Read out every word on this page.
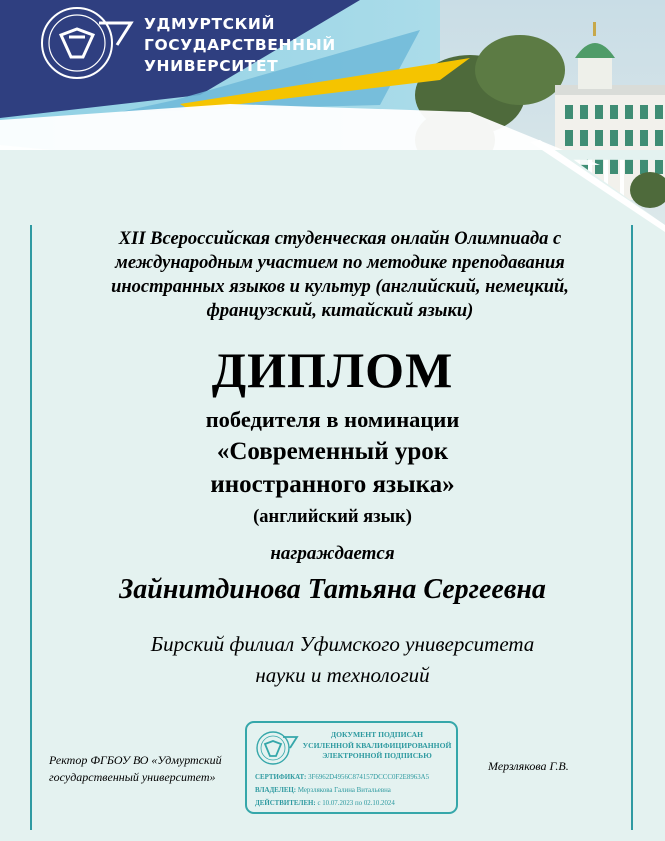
УДМУРТСКИЙ
ГОСУДАРСТВЕННЫЙ
УНИВЕРСИТЕТ
XII Всероссийская студенческая онлайн Олимпиада с
международным участием по методике преподавания
иностранных языков и культур (английский, немецкий,
французский, китайский языки)
ДИПЛОМ
победителя в номинации
«Современный урок
иностранного языка»
(английский язык)
награждается
Зайнитдинова Татьяна Сергеевна
Бирский филиал Уфимского университета
науки и технологий
Ректор ФГБОУ ВО «Удмуртский
государственный университет»
ДОКУМЕНТ ПОДПИСАН
УСИЛЕННОЙ КВАЛИФИЦИРОВАННОЙ
ЭЛЕКТРОННОЙ ПОДПИСЬЮ
СЕРТИФИКАТ: 3F6962D4956C874157DCCC0F2E8963A5
ВЛАДЕЛЕЦ: Мерзлякова Галина Витальевна
ДЕЙСТВИТЕЛЕН: с 10.07.2023 по 02.10.2024
Мерзлякова Г.В.
